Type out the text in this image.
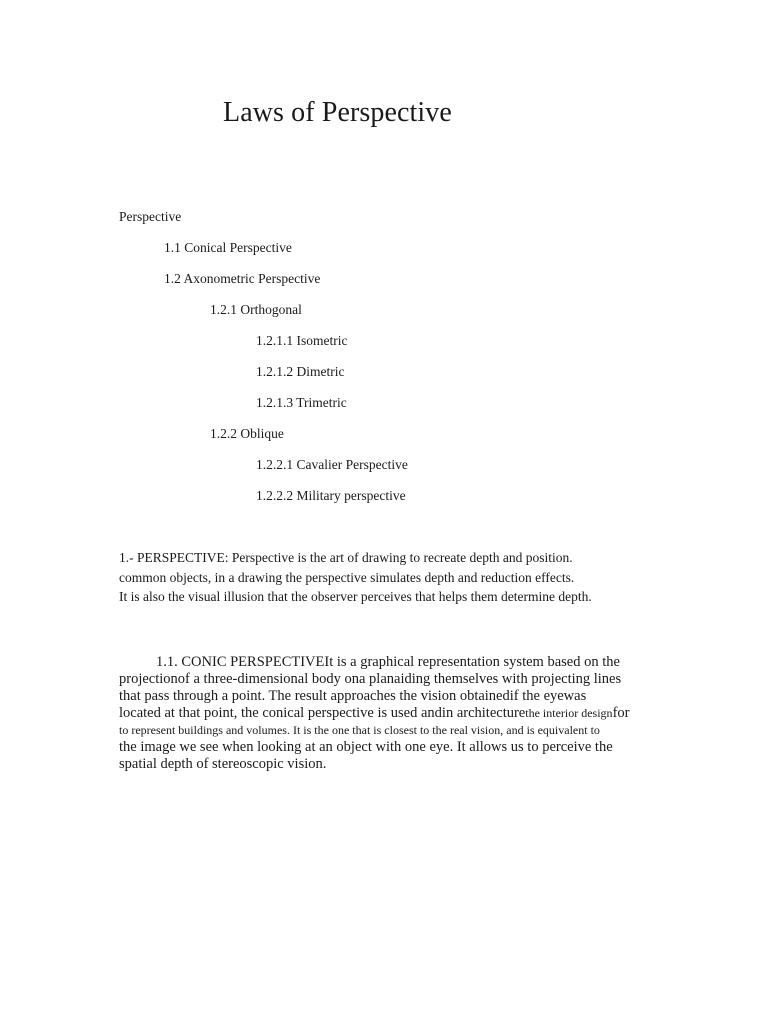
Laws of Perspective
Perspective
1.1 Conical Perspective
1.2 Axonometric Perspective
1.2.1 Orthogonal
1.2.1.1 Isometric
1.2.1.2 Dimetric
1.2.1.3 Trimetric
1.2.2 Oblique
1.2.2.1 Cavalier Perspective
1.2.2.2 Military perspective
1.- PERSPECTIVE: Perspective is the art of drawing to recreate depth and position.
common objects, in a drawing the perspective simulates depth and reduction effects.
It is also the visual illusion that the observer perceives that helps them determine depth.
1.1. CONIC PERSPECTIVEIt is a graphical representation system based on the
projectionof a three-dimensional body ona planaiding themselves with projecting lines
that pass through a point. The result approaches the vision obtainedif the eyewas
located at that point, the conical perspective is used andin architecturethe interior designfor
to represent buildings and volumes. It is the one that is closest to the real vision, and is equivalent to
the image we see when looking at an object with one eye. It allows us to perceive the
spatial depth of stereoscopic vision.
